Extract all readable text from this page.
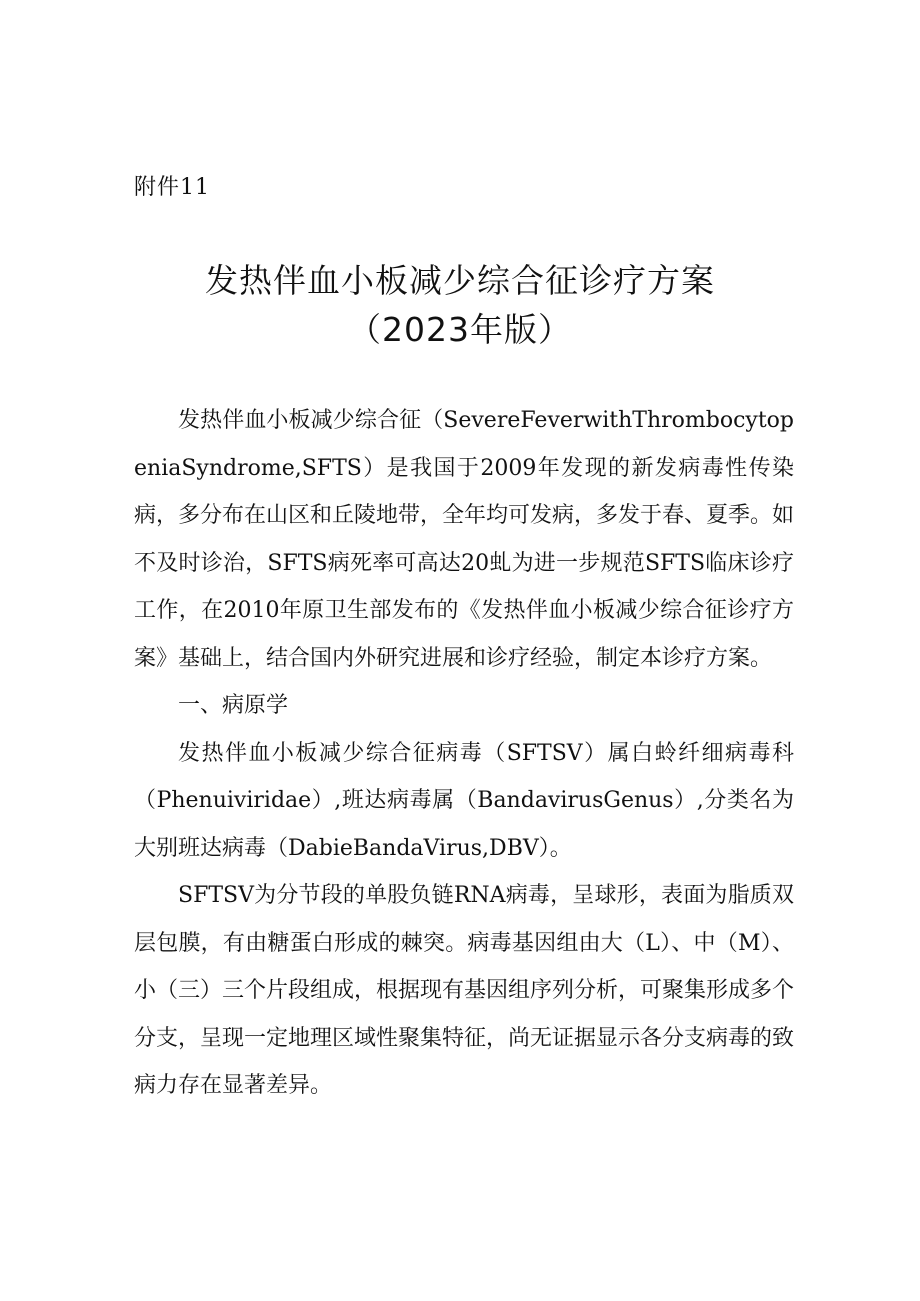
附件11
发热伴血小板减少综合征诊疗方案
（2023年版）

发热伴血小板减少综合征（SevereFeverwithThrombocytopeniaSyndrome,SFTS）是我国于2009年发现的新发病毒性传染病，多分布在山区和丘陵地带，全年均可发病，多发于春、夏季。如不及时诊治，SFTS病死率可高达20虬为进一步规范SFTS临床诊疗工作，在2010年原卫生部发布的《发热伴血小板减少综合征诊疗方案》基础上，结合国内外研究进展和诊疗经验，制定本诊疗方案。

一、病原学

发热伴血小板减少综合征病毒（SFTSV）属白蛉纤细病毒科（Phenuiviridae）,班达病毒属（BandavirusGenus）,分类名为大别班达病毒（DabieBandaVirus,DBV）。

SFTSV为分节段的单股负链RNA病毒，呈球形，表面为脂质双层包膜，有由糖蛋白形成的棘突。病毒基因组由大（L）、中（M）、小（三）三个片段组成，根据现有基因组序列分析，可聚集形成多个分支，呈现一定地理区域性聚集特征，尚无证据显示各分支病毒的致病力存在显著差异。
